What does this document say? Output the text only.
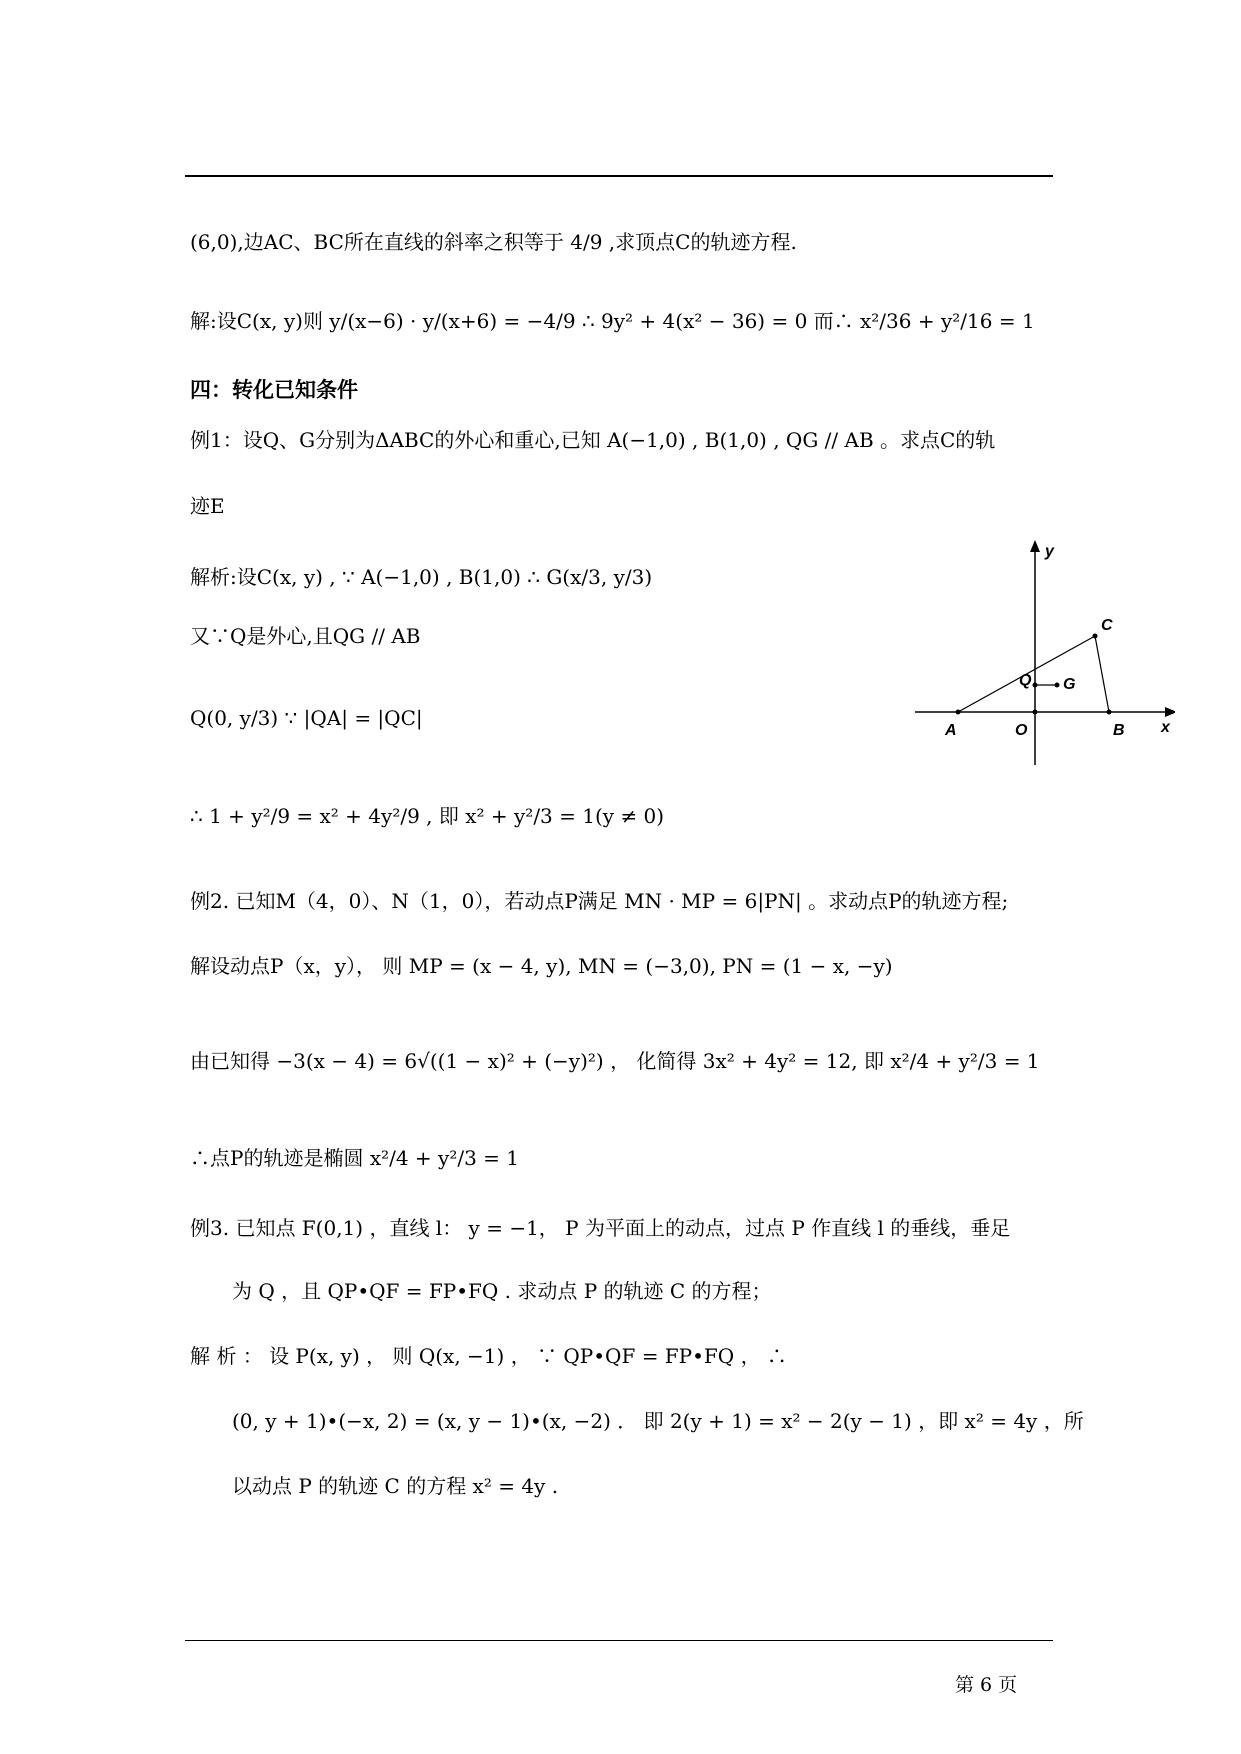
(6,0),边AC、BC所在直线的斜率之积等于 4/9 ,求顶点C的轨迹方程.
解:设C(x, y)则 y/(x−6) · y/(x+6) = −4/9 ∴ 9y² + 4(x² − 36) = 0 而∴ x²/36 + y²/16 = 1
四：转化已知条件
例1：设Q、G分别为ΔABC的外心和重心,已知 A(−1,0) , B(1,0) , QG // AB 。求点C的轨
迹E
解析:设C(x, y) , ∵ A(−1,0) , B(1,0) ∴ G(x/3, y/3)
又∵Q是外心,且QG // AB
Q(0, y/3) ∵ |QA| = |QC|
∴ 1 + y²/9 = x² + 4y²/9 , 即 x² + y²/3 = 1(y ≠ 0)
例2. 已知M（4，0）、N（1，0），若动点P满足 MN · MP = 6|PN| 。求动点P的轨迹方程;
解设动点P（x，y）， 则 MP = (x − 4, y), MN = (−3,0), PN = (1 − x, −y)
由已知得 −3(x − 4) = 6√((1 − x)² + (−y)²) ， 化简得 3x² + 4y² = 12, 即 x²/4 + y²/3 = 1
∴点P的轨迹是椭圆 x²/4 + y²/3 = 1
例3. 已知点 F(0,1) ，直线 l： y = −1， P 为平面上的动点，过点 P 作直线 l 的垂线，垂足
为 Q ，且 QP•QF = FP•FQ . 求动点 P 的轨迹 C 的方程；
解 析 ： 设 P(x, y) ， 则 Q(x, −1) ， ∵ QP•QF = FP•FQ ， ∴
(0, y + 1)•(−x, 2) = (x, y − 1)•(x, −2) ． 即 2(y + 1) = x² − 2(y − 1) ，即 x² = 4y ，所
以动点 P 的轨迹 C 的方程 x² = 4y .
A	O	B
C
Q G
x
y
第 6 页
